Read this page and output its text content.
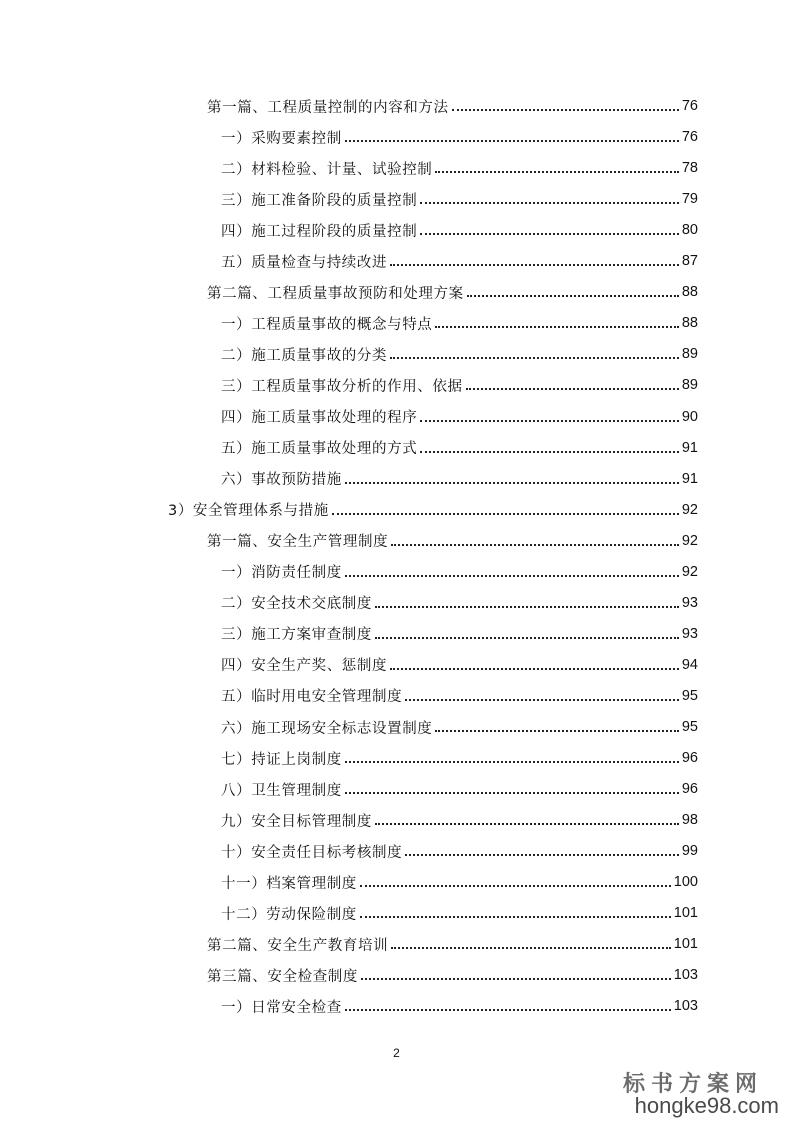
第一篇、工程质量控制的内容和方法	76
一）采购要素控制	76
二）材料检验、计量、试验控制	78
三）施工准备阶段的质量控制	79
四）施工过程阶段的质量控制	80
五）质量检查与持续改进	87
第二篇、工程质量事故预防和处理方案	88
一）工程质量事故的概念与特点	88
二）施工质量事故的分类	89
三）工程质量事故分析的作用、依据	89
四）施工质量事故处理的程序	90
五）施工质量事故处理的方式	91
六）事故预防措施	91
3）安全管理体系与措施	92
第一篇、安全生产管理制度	92
一）消防责任制度	92
二）安全技术交底制度	93
三）施工方案审查制度	93
四）安全生产奖、惩制度	94
五）临时用电安全管理制度	95
六）施工现场安全标志设置制度	95
七）持证上岗制度	96
八）卫生管理制度	96
九）安全目标管理制度	98
十）安全责任目标考核制度	99
十一）档案管理制度	100
十二）劳动保险制度	101
第二篇、安全生产教育培训	101
第三篇、安全检查制度	103
一）日常安全检查	103
2
标书方案网
hongke98.com
